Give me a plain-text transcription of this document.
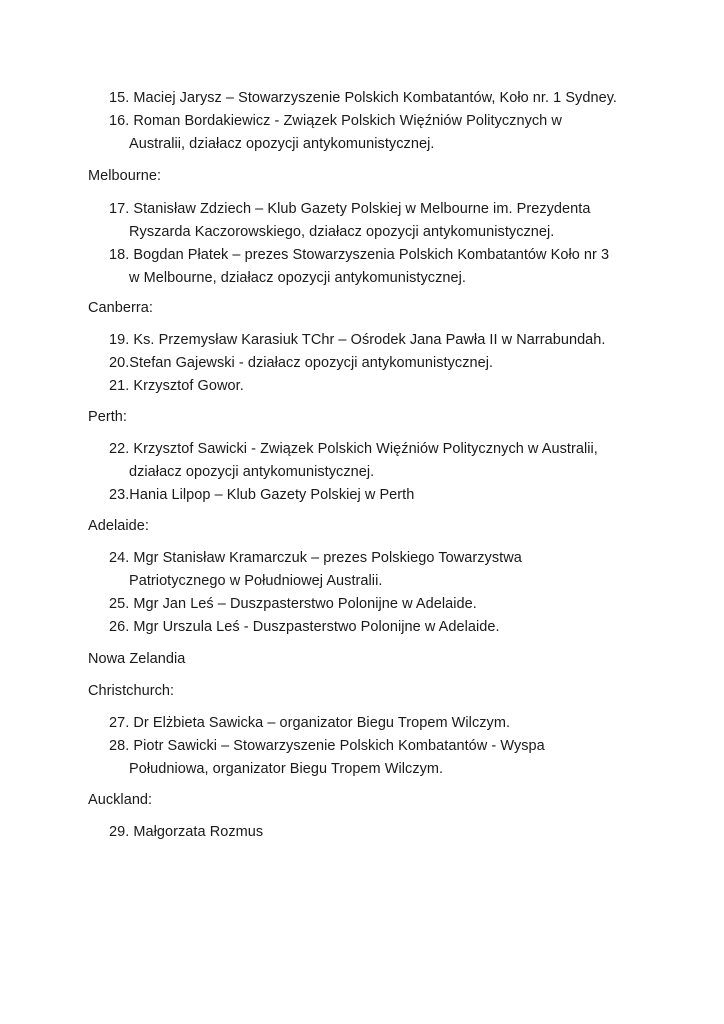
15. Maciej Jarysz – Stowarzyszenie Polskich Kombatantów, Koło nr. 1 Sydney.
16. Roman Bordakiewicz - Związek Polskich Więźniów Politycznych w
Australii, działacz opozycji antykomunistycznej.
Melbourne:
17. Stanisław Zdziech – Klub Gazety Polskiej w Melbourne im. Prezydenta
Ryszarda Kaczorowskiego, działacz opozycji antykomunistycznej.
18. Bogdan Płatek – prezes Stowarzyszenia Polskich Kombatantów Koło nr 3
w Melbourne, działacz opozycji antykomunistycznej.
Canberra:
19. Ks. Przemysław Karasiuk TChr – Ośrodek Jana Pawła II w Narrabundah.
20.Stefan Gajewski - działacz opozycji antykomunistycznej.
21. Krzysztof Gowor.
Perth:
22. Krzysztof Sawicki - Związek Polskich Więźniów Politycznych w Australii,
działacz opozycji antykomunistycznej.
23.Hania Lilpop – Klub Gazety Polskiej w Perth
Adelaide:
24. Mgr Stanisław Kramarczuk – prezes Polskiego Towarzystwa
Patriotycznego w Południowej Australii.
25. Mgr Jan Leś – Duszpasterstwo Polonijne w Adelaide.
26. Mgr Urszula Leś - Duszpasterstwo Polonijne w Adelaide.
Nowa Zelandia
Christchurch:
27. Dr Elżbieta Sawicka – organizator Biegu Tropem Wilczym.
28. Piotr Sawicki – Stowarzyszenie Polskich Kombatantów - Wyspa
Południowa, organizator Biegu Tropem Wilczym.
Auckland:
29. Małgorzata Rozmus
